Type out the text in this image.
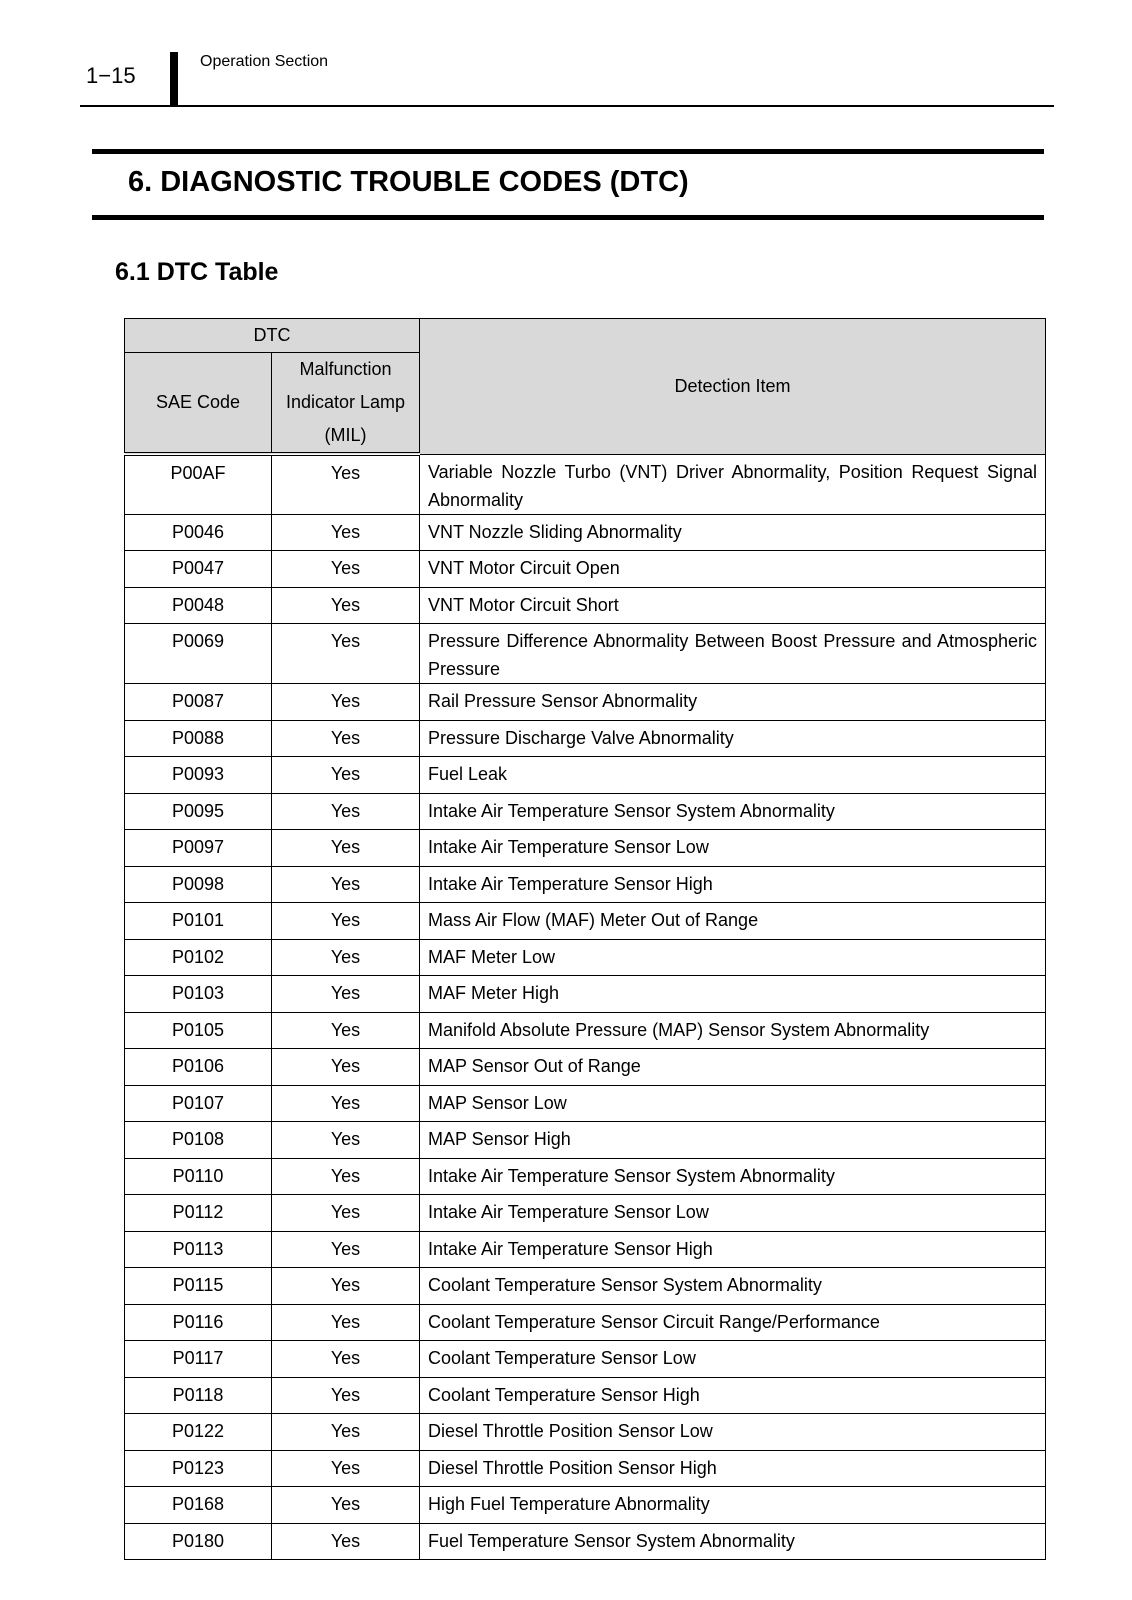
1−15
Operation Section
6. DIAGNOSTIC TROUBLE CODES (DTC)
6.1 DTC Table
DTC		Detection Item
SAE Code	Malfunction
Indicator Lamp
(MIL)	

P00AF	Yes	Variable Nozzle Turbo (VNT) Driver Abnormality, Position Request Signal Abnormality
P0046	Yes	VNT Nozzle Sliding Abnormality
P0047	Yes	VNT Motor Circuit Open
P0048	Yes	VNT Motor Circuit Short
P0069	Yes	Pressure Difference Abnormality Between Boost Pressure and Atmospheric Pressure
P0087	Yes	Rail Pressure Sensor Abnormality
P0088	Yes	Pressure Discharge Valve Abnormality
P0093	Yes	Fuel Leak
P0095	Yes	Intake Air Temperature Sensor System Abnormality
P0097	Yes	Intake Air Temperature Sensor Low
P0098	Yes	Intake Air Temperature Sensor High
P0101	Yes	Mass Air Flow (MAF) Meter Out of Range
P0102	Yes	MAF Meter Low
P0103	Yes	MAF Meter High
P0105	Yes	Manifold Absolute Pressure (MAP) Sensor System Abnormality
P0106	Yes	MAP Sensor Out of Range
P0107	Yes	MAP Sensor Low
P0108	Yes	MAP Sensor High
P0110	Yes	Intake Air Temperature Sensor System Abnormality
P0112	Yes	Intake Air Temperature Sensor Low
P0113	Yes	Intake Air Temperature Sensor High
P0115	Yes	Coolant Temperature Sensor System Abnormality
P0116	Yes	Coolant Temperature Sensor Circuit Range/Performance
P0117	Yes	Coolant Temperature Sensor Low
P0118	Yes	Coolant Temperature Sensor High
P0122	Yes	Diesel Throttle Position Sensor Low
P0123	Yes	Diesel Throttle Position Sensor High
P0168	Yes	High Fuel Temperature Abnormality
P0180	Yes	Fuel Temperature Sensor System Abnormality
